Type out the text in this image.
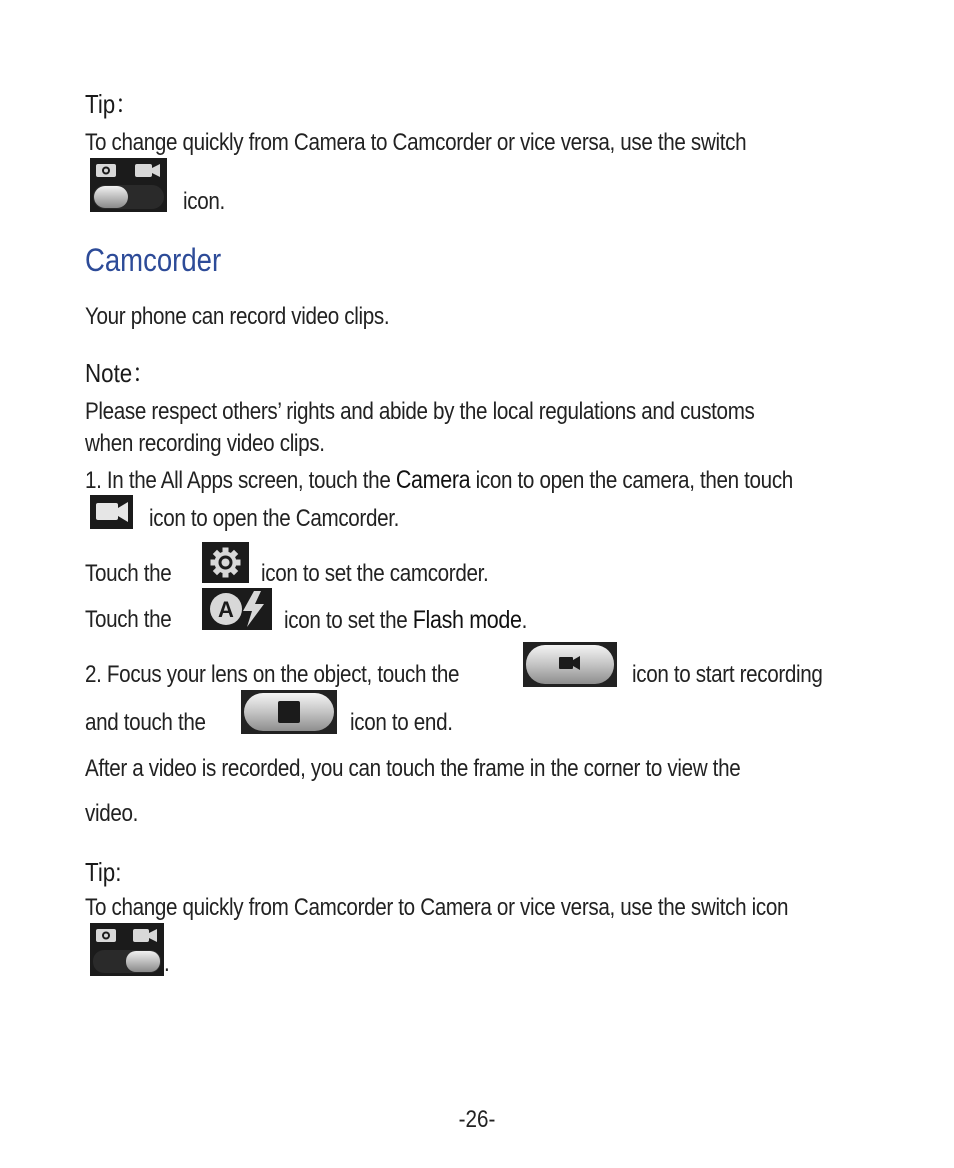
Tip：
To change quickly from Camera to Camcorder or vice versa, use the switch
icon.
Camcorder
Your phone can record video clips.
Note：
Please respect others’ rights and abide by the local regulations and customs
when recording video clips.
1. In the All Apps screen, touch the Camera icon to open the camera, then touch
icon to open the Camcorder.
Touch the	icon to set the camcorder.
Touch the A icon to set the Flash mode.
2. Focus your lens on the object, touch the	icon to start recording
and touch the	icon to end.
After a video is recorded, you can touch the frame in the corner to view the
video.
Tip:
To change quickly from Camcorder to Camera or vice versa, use the switch icon
.
-26-
